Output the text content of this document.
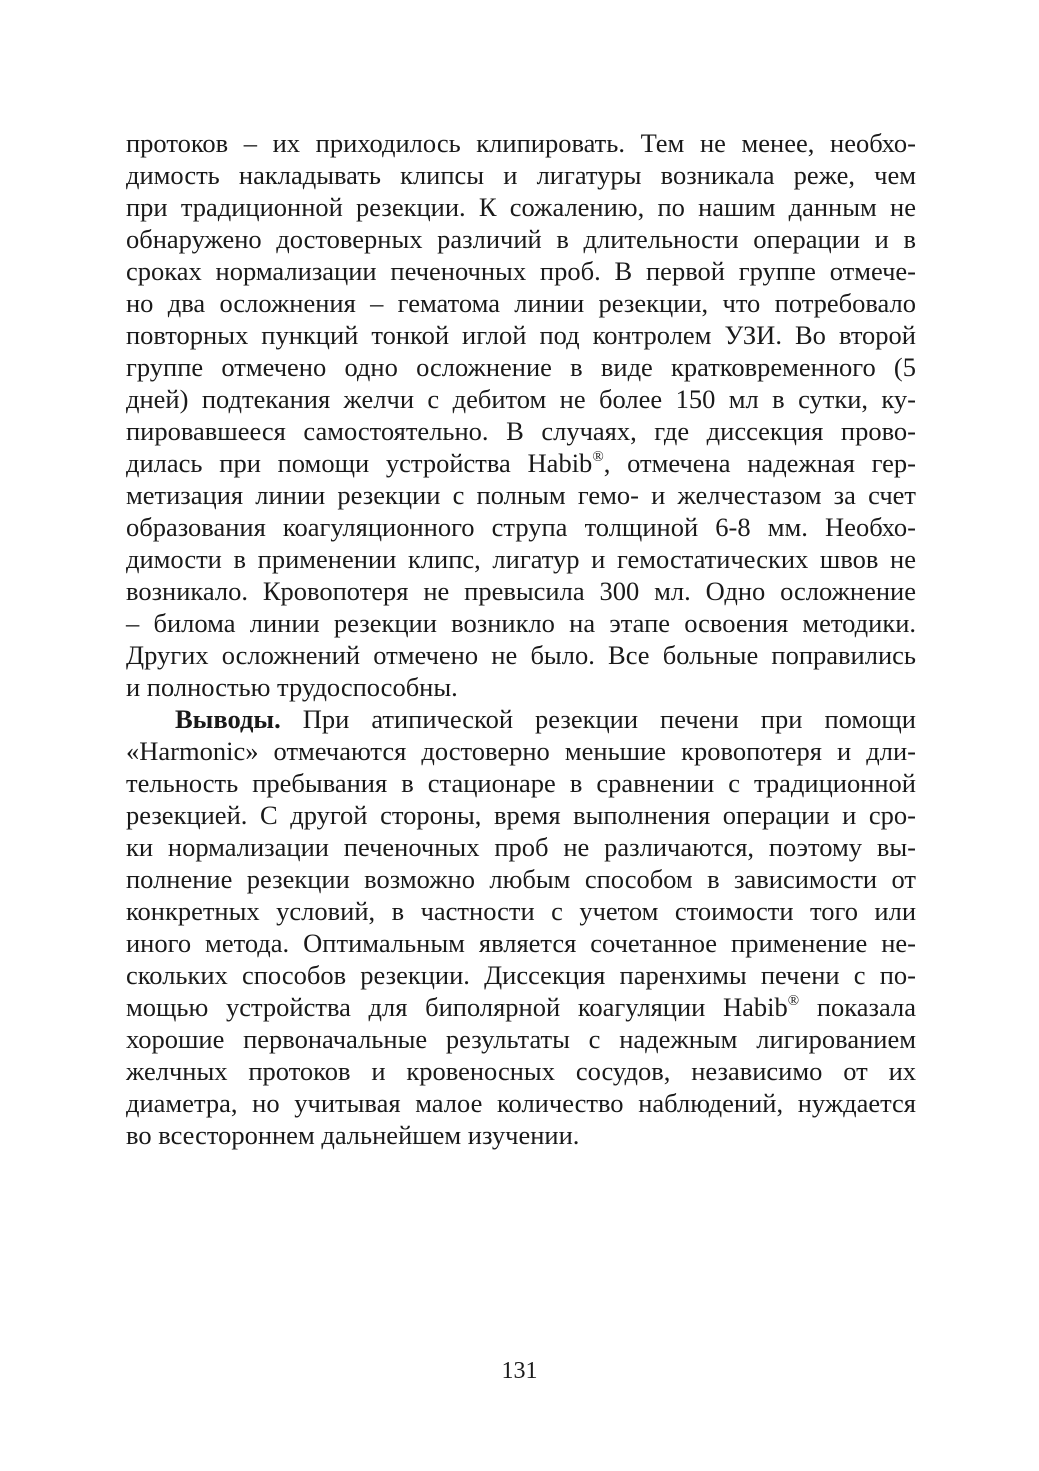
протоков – их приходилось клипировать. Тем не менее, необхо-
димость накладывать клипсы и лигатуры возникала реже, чем
при традиционной резекции. К сожалению, по нашим данным не
обнаружено достоверных различий в длительности операции и в
сроках нормализации печеночных проб. В первой группе отмече-
но два осложнения – гематома линии резекции, что потребовало
повторных пункций тонкой иглой под контролем УЗИ. Во второй
группе отмечено одно осложнение в виде кратковременного (5
дней) подтекания желчи с дебитом не более 150 мл в сутки, ку-
пировавшееся самостоятельно. В случаях, где диссекция прово-
дилась при помощи устройства Habib®, отмечена надежная гер-
метизация линии резекции с полным гемо- и желчестазом за счет
образования коагуляционного струпа толщиной 6-8 мм. Необхо-
димости в применении клипс, лигатур и гемостатических швов не
возникало. Кровопотеря не превысила 300 мл. Одно осложнение
– билома линии резекции возникло на этапе освоения методики.
Других осложнений отмечено не было. Все больные поправились
и полностью трудоспособны.
Выводы. При атипической резекции печени при помощи
«Harmonic» отмечаются достоверно меньшие кровопотеря и дли-
тельность пребывания в стационаре в сравнении с традиционной
резекцией. С другой стороны, время выполнения операции и сро-
ки нормализации печеночных проб не различаются, поэтому вы-
полнение резекции возможно любым способом в зависимости от
конкретных условий, в частности с учетом стоимости того или
иного метода. Оптимальным является сочетанное применение не-
скольких способов резекции. Диссекция паренхимы печени с по-
мощью устройства для биполярной коагуляции Habib® показала
хорошие первоначальные результаты с надежным лигированием
желчных протоков и кровеносных сосудов, независимо от их
диаметра, но учитывая малое количество наблюдений, нуждается
во всестороннем дальнейшем изучении.
131
